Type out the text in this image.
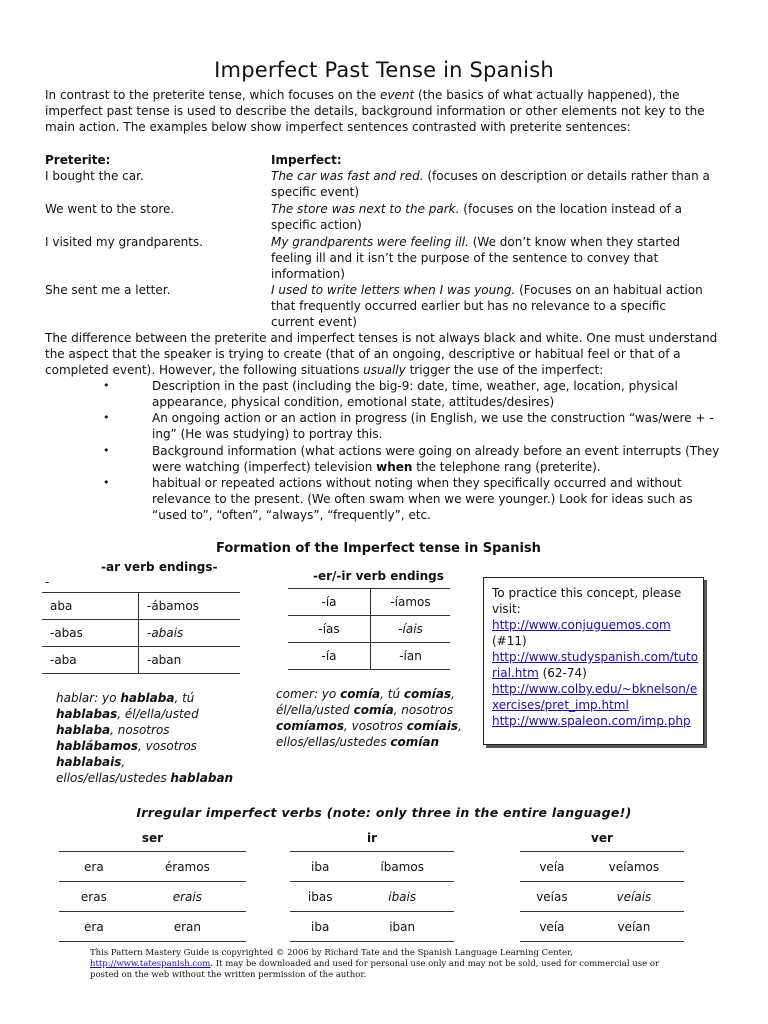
Imperfect Past Tense in Spanish
In contrast to the preterite tense, which focuses on the event (the basics of what actually happened), the
imperfect past tense is used to describe the details, background information or other elements not key to the
main action. The examples below show imperfect sentences contrasted with preterite sentences:
Preterite:	Imperfect:
I bought the car.	The car was fast and red. (focuses on description or details rather than a
specific event)
We went to the store.	The store was next to the park. (focuses on the location instead of a
specific action)
I visited my grandparents.	My grandparents were feeling ill. (We don’t know when they started
feeling ill and it isn’t the purpose of the sentence to convey that
information)
She sent me a letter.	I used to write letters when I was young. (Focuses on an habitual action
that frequently occurred earlier but has no relevance to a specific
current event)
The difference between the preterite and imperfect tenses is not always black and white. One must understand
the aspect that the speaker is trying to create (that of an ongoing, descriptive or habitual feel or that of a
completed event). However, the following situations usually trigger the use of the imperfect:
•	Description in the past (including the big-9: date, time, weather, age, location, physical
appearance, physical condition, emotional state, attitudes/desires)
•	An ongoing action or an action in progress (in English, we use the construction “was/were + -
ing” (He was studying) to portray this.
•	Background information (what actions were going on already before an event interrupts (They
were watching (imperfect) television when the telephone rang (preterite).
•	habitual or repeated actions without noting when they specifically occurred and without
relevance to the present. (We often swam when we were younger.) Look for ideas such as
“used to”, “often”, “always”, “frequently”, etc.
Formation of the Imperfect tense in Spanish
-ar verb endings-
-
aba	-ábamos
-abas	-abais
-aba	-aban
-er/-ir verb endings
-ía	-íamos
-ías	-íais
-ía	-ían
hablar: yo hablaba, tú
hablabas, él/ella/usted
hablaba, nosotros
hablábamos, vosotros
hablabais,
ellos/ellas/ustedes hablaban
comer: yo comía, tú comías,
él/ella/usted comía, nosotros
comíamos, vosotros comíais,
ellos/ellas/ustedes comían
To practice this concept, please
visit:
http://www.conjuguemos.com
(#11)
http://www.studyspanish.com/tuto
rial.htm (62-74)
http://www.colby.edu/~bknelson/e
xercises/pret_imp.html
http://www.spaleon.com/imp.php
Irregular imperfect verbs (note: only three in the entire language!)
ser
era	éramos
eras	erais
era	eran
ir
iba	íbamos
ibas	ibais
iba	iban
ver
veía	veíamos
veías	veíais
veía	veían
This Pattern Mastery Guide is copyrighted © 2006 by Richard Tate and the Spanish Language Learning Center, http://www.tatespanish.com. It may be downloaded and used for personal use only and may not be sold, used for commercial use or posted on the web without the written permission of the author.
